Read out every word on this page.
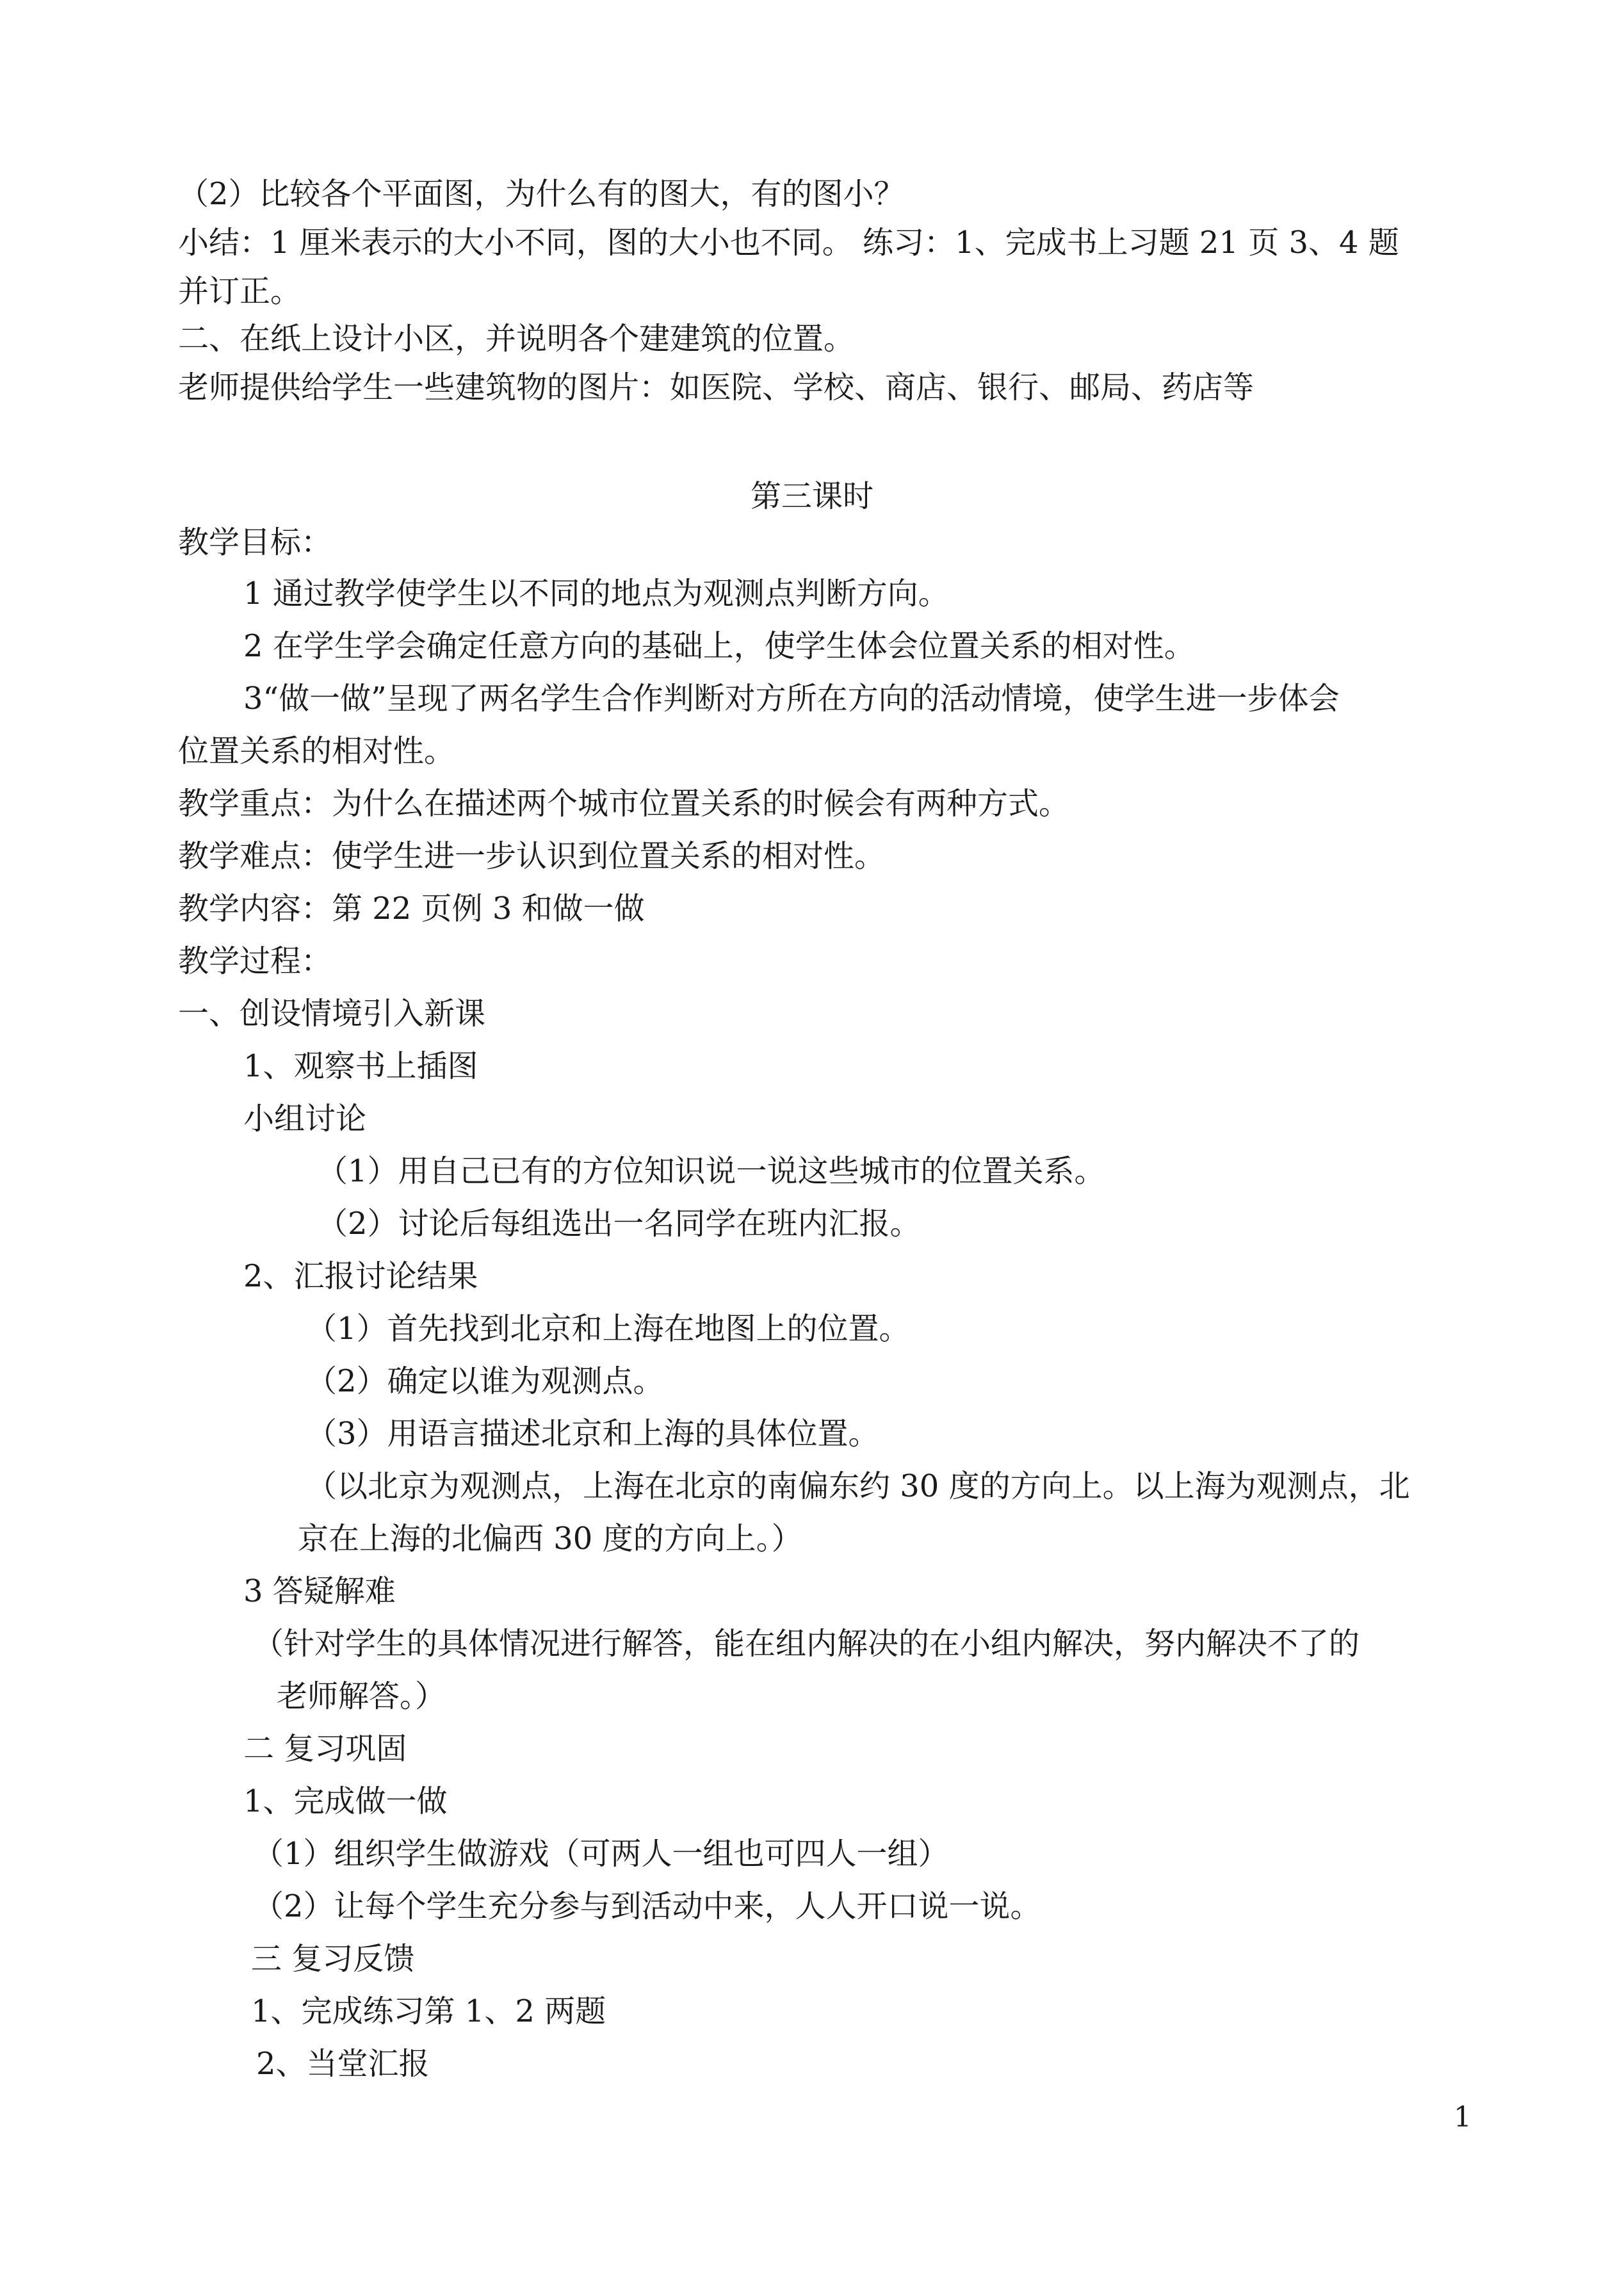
（2）比较各个平面图，为什么有的图大，有的图小？
小结：1 厘米表示的大小不同，图的大小也不同。 练习：1、完成书上习题 21 页 3、4 题
并订正。
二、在纸上设计小区，并说明各个建建筑的位置。
老师提供给学生一些建筑物的图片：如医院、学校、商店、银行、邮局、药店等
第三课时
教学目标：
1 通过教学使学生以不同的地点为观测点判断方向。
2 在学生学会确定任意方向的基础上，使学生体会位置关系的相对性。
3“做一做”呈现了两名学生合作判断对方所在方向的活动情境，使学生进一步体会
位置关系的相对性。
教学重点：为什么在描述两个城市位置关系的时候会有两种方式。
教学难点：使学生进一步认识到位置关系的相对性。
教学内容：第 22 页例 3 和做一做
教学过程：
一、创设情境引入新课
1、观察书上插图
小组讨论
（1）用自己已有的方位知识说一说这些城市的位置关系。
（2）讨论后每组选出一名同学在班内汇报。
2、汇报讨论结果
（1）首先找到北京和上海在地图上的位置。
（2）确定以谁为观测点。
（3）用语言描述北京和上海的具体位置。
（以北京为观测点，上海在北京的南偏东约 30 度的方向上。以上海为观测点，北
京在上海的北偏西 30 度的方向上。）
3 答疑解难
（针对学生的具体情况进行解答，能在组内解决的在小组内解决，努内解决不了的
老师解答。）
二 复习巩固
1、完成做一做
（1）组织学生做游戏（可两人一组也可四人一组）
（2）让每个学生充分参与到活动中来，人人开口说一说。
三 复习反馈
1、完成练习第 1、2 两题
2、当堂汇报
1
